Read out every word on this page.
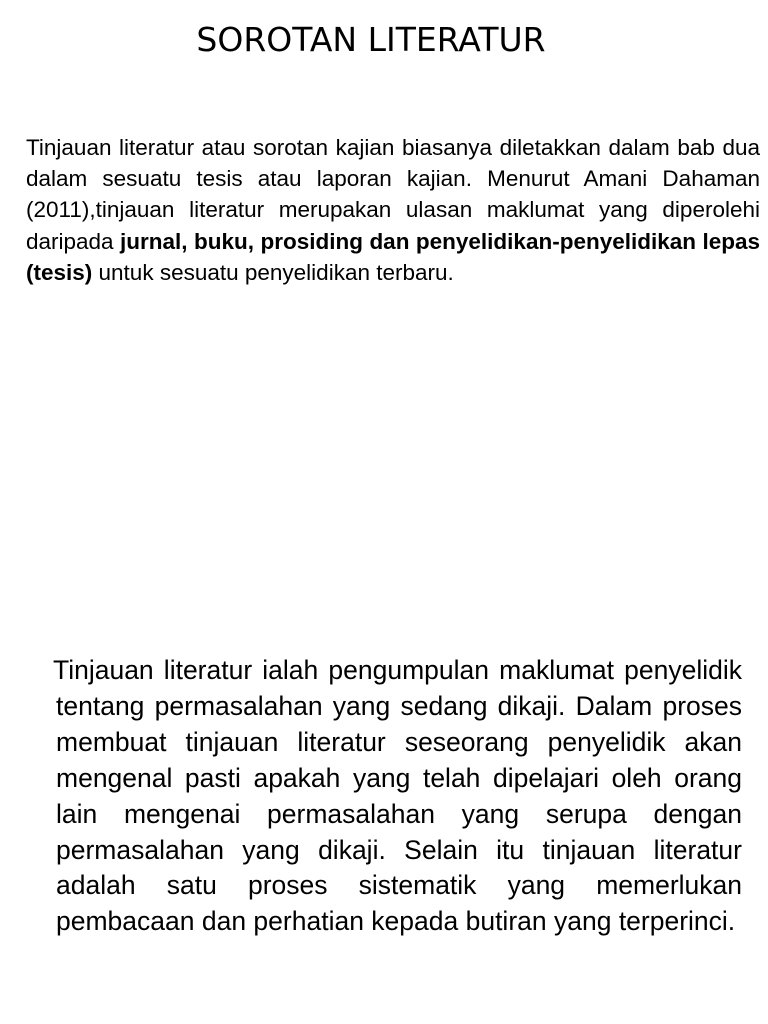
SOROTAN LITERATUR

Tinjauan literatur atau sorotan kajian biasanya diletakkan dalam bab dua dalam sesuatu tesis atau laporan kajian. Menurut Amani Dahaman (2011),tinjauan literatur merupakan ulasan maklumat yang diperolehi daripada jurnal, buku, prosiding dan penyelidikan-penyelidikan lepas (tesis) untuk sesuatu penyelidikan terbaru.

Tinjauan literatur ialah pengumpulan maklumat penyelidik tentang permasalahan yang sedang dikaji. Dalam proses membuat tinjauan literatur seseorang penyelidik akan mengenal pasti apakah yang telah dipelajari oleh orang lain mengenai permasalahan yang serupa dengan permasalahan yang dikaji. Selain itu tinjauan literatur adalah satu proses sistematik yang memerlukan pembacaan dan perhatian kepada butiran yang terperinci.
